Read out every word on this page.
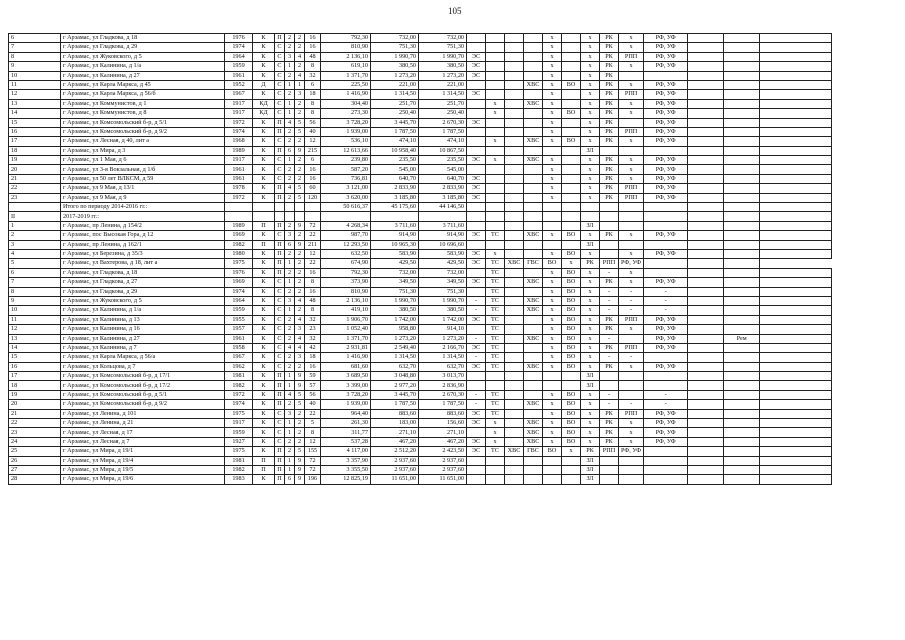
105
6	г Арзамас, ул Гладкова, д 18	1976	К	П	2	2	16	792,30	732,00	732,00					х		х	РК	х	РФ, УФ			
7	г Арзамас, ул Гладкова, д 29	1974	К	С	2	2	16	810,90	751,30	751,30					х		х	РК	х	РФ, УФ			
8	г Арзамас, ул Жуковского, д 5	1964	К	С	3	4	48	2 136,10	1 990,70	1 990,70	ЭС				х		х	РК	РПП	РФ, УФ			
9	г Арзамас, ул Калинина, д 1/а	1959	К	С	1	2	8	619,10	380,50	380,50	ЭС				х		х	РК	х	РФ, УФ			
10	г Арзамас, ул Калинина, д 27	1961	К	С	2	4	32	1 371,70	1 273,20	1 273,20	ЭС				х		х	РК					
11	г Арзамас, ул Карла Маркса, д 45	1952	Д	С	1	1	6	225,50	221,00	221,00				ХВС	х	ВО	х	РК	х	РФ, УФ			
12	г Арзамас, ул Карла Маркса, д 56/б	1967	К	С	2	3	18	1 416,90	1 314,50	1 314,50	ЭС				х		х	РК	РПП	РФ, УФ			
13	г Арзамас, ул Коммунистов, д 1	1917	КД	С	1	2	8	304,40	251,70	251,70		х		ХВС	х		х	РК	х	РФ, УФ			
14	г Арзамас, ул Коммунистов, д 8	1917	КД	С	1	2	8	273,30	250,40	250,40		х			х	ВО	х	РК	х	РФ, УФ			
15	г Арзамас, ул Комсомольский б-р, д 5/1	1972	К	П	4	5	56	3 728,20	3 445,70	2 670,30	ЭС				х		х	РК		РФ, УФ			
16	г Арзамас, ул Комсомольский б-р, д 9/2	1974	К	П	2	5	40	1 939,00	1 787,50	1 787,50					х		х	РК	РПП	РФ, УФ			
17	г Арзамас, ул Лесная, д 40, лит а	1968	К	С	2	2	12	536,10	474,10	474,10		х		ХВС	х	ВО	х	РК	х	РФ, УФ			
18	г Арзамас, ул Мира, д 3	1989	К	П	6	9	215	12 613,66	10 958,40	10 867,50							ЗЛ						
19	г Арзамас, ул 1 Мая, д 6	1917	К	С	1	2	6	239,80	235,50	235,50	ЭС	х		ХВС	х		х	РК	х	РФ, УФ			
20	г Арзамас, ул 3-я Вокзальная, д 1/б	1961	К	С	2	2	16	587,20	545,00	545,00					х		х	РК	х	РФ, УФ			
21	г Арзамас, ул 50 лет ВЛКСМ, д 59	1961	К	С	2	2	16	736,81	640,70	640,70	ЭС				х		х	РК	х	РФ, УФ			
22	г Арзамас, ул 9 Мая, д 13/1	1978	К	П	4	5	60	3 121,00	2 833,90	2 833,90	ЭС				х		х	РК	РПП	РФ, УФ			
23	г Арзамас, ул 9 Мая, д 9	1972	К	П	2	5	120	3 620,00	3 185,80	3 185,80	ЭС				х		х	РК	РПП	РФ, УФ			
	Итого по периоду 2014-2016 гг.:							50 616,37	45 175,60	44 146,50													
II	2017-2019 гг.:																						
1	г Арзамас, пр Ленина, д 154/2	1989	П	П	2	9	72	4 268,34	3 711,60	3 711,60							ЗЛ						
2	г Арзамас, пос Высокая Гора, д 12	1969	К	С	3	2	22	987,70	914,90	914,90	ЭС	ТС		ХВС	х	ВО	х	РК	х	РФ, УФ			
3	г Арзамас, пр Ленина, д 162/1	1982	П	П	6	9	211	12 293,50	10 965,30	10 696,60							ЗЛ						
4	г Арзамас, ул Березина, д 35/3	1980	К	П	2	2	12	632,50	583,90	583,90	ЭС	х			х	ВО	х		х	РФ, УФ			
5	г Арзамас, ул Вахтерова, д 18, лит а	1975	К	П	1	2	22	674,90	429,50	429,50	ЭС	ТС	ХВС	ГВС	ВО	х	РК	РПП	РФ, УФ				
6	г Арзамас, ул Гладкова, д 18	1976	К	П	2	2	16	792,30	732,00	732,00		ТС			х	ВО	х	-	х				
7	г Арзамас, ул Гладкова, д 27	1969	К	С	1	2	8	373,90	349,50	349,50	ЭС	ТС		ХВС	х	ВО	х	РК	х	РФ, УФ			
8	г Арзамас, ул Гладкова, д 29	1974	К	С	2	2	16	810,90	751,30	751,30		ТС			х	ВО	х	-	-	-			
9	г Арзамас, ул Жуковского, д 5	1964	К	С	3	4	48	2 136,10	1 990,70	1 990,70	-	ТС		ХВС	х	ВО	х	-	-	-			
10	г Арзамас, ул Калинина, д 1/а	1959	К	С	1	2	8	419,10	380,50	380,50	-	ТС		ХВС	х	ВО	х	-	-	-			
11	г Арзамас, ул Калинина, д 13	1955	К	С	2	4	32	1 906,70	1 742,00	1 742,00	ЭС	ТС			х	ВО	х	РК	РПП	РФ, УФ			
12	г Арзамас, ул Калинина, д 16	1957	К	С	2	3	23	1 052,40	958,80	914,10		ТС			х	ВО	х	РК	х	РФ, УФ			
13	г Арзамас, ул Калинина, д 27	1961	К	С	2	4	32	1 371,70	1 273,20	1 273,20	-	ТС		ХВС	х	ВО	х	-		РФ, УФ		Рем	
14	г Арзамас, ул Калинина, д 7	1958	К	С	4	4	42	2 931,81	2 549,40	2 166,70	ЭС	ТС			х	ВО	х	РК	РПП	РФ, УФ			
15	г Арзамас, ул Карла Маркса, д 56/а	1967	К	С	2	3	18	1 416,90	1 314,50	1 314,50	-	ТС			х	ВО	х	-	-				
16	г Арзамас, ул Кольцова, д 7	1962	К	С	2	2	16	681,60	632,70	632,70	ЭС	ТС		ХВС	х	ВО	х	РК	х	РФ, УФ			
17	г Арзамас, ул Комсомольский б-р, д 17/1	1981	К	П	1	9	59	3 689,50	3 048,80	3 013,70							ЗЛ						
18	г Арзамас, ул Комсомольский б-р, д 17/2	1982	К	П	1	9	57	3 399,00	2 977,20	2 836,90							ЗЛ						
19	г Арзамас, ул Комсомольский б-р, д 5/1	1972	К	П	4	5	56	3 728,20	3 445,70	2 670,30	-	ТС			х	ВО	х	-		-			
20	г Арзамас, ул Комсомольский б-р, д 9/2	1974	К	П	2	5	40	1 939,00	1 787,50	1 787,50	-	ТС		ХВС	х	ВО	х	-	-	-			
21	г Арзамас, ул Ленина, д 101	1975	К	С	3	2	22	964,40	883,60	883,60	ЭС	ТС			х	ВО	х	РК	РПП	РФ, УФ			
22	г Арзамас, ул Ленина, д 21	1917	К	С	1	2	5	261,30	183,00	156,60	ЭС	х		ХВС	х	ВО	х	РК	х	РФ, УФ			
23	г Арзамас, ул Лесная, д 17	1959	К	С	1	2	8	311,77	271,10	271,10		х		ХВС	х	ВО	х	РК	х	РФ, УФ			
24	г Арзамас, ул Лесная, д 7	1927	К	С	2	2	12	537,28	467,20	467,20	ЭС	х		ХВС	х	ВО	х	РК	х	РФ, УФ			
25	г Арзамас, ул Мира, д 19/1	1975	К	П	2	5	155	4 117,00	2 512,20	2 423,50	ЭС	ТС	ХВС	ГВС	ВО	х	РК	РПП	РФ, УФ				
26	г Арзамас, ул Мира, д 19/4	1981	П	П	1	9	72	3 357,90	2 937,60	2 937,60							ЗЛ						
27	г Арзамас, ул Мира, д 19/5	1982	П	П	1	9	72	3 355,50	2 937,60	2 937,60							ЗЛ						
28	г Арзамас, ул Мира, д 19/6	1983	К	П	6	9	196	12 825,19	11 651,00	11 651,00							ЗЛ						
